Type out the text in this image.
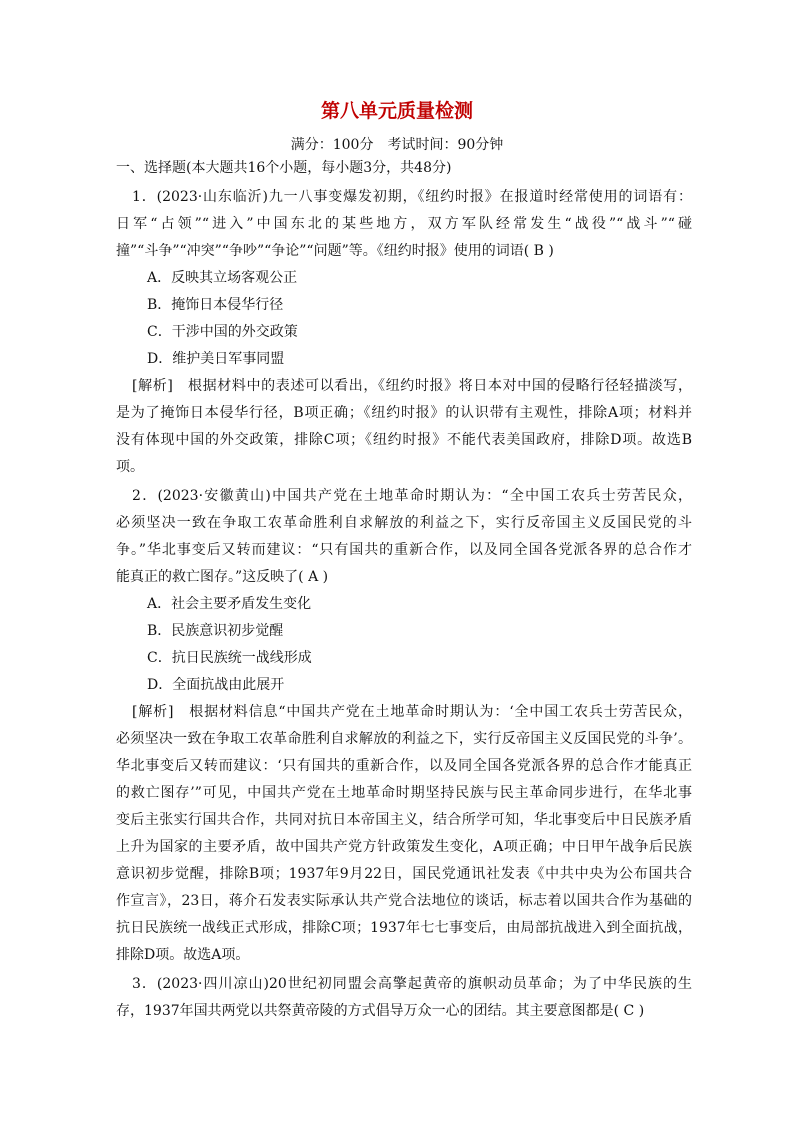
第八单元质量检测
满分：100分　考试时间：90分钟
一、选择题(本大题共16个小题，每小题3分，共48分)
1．(2023·山东临沂)九一八事变爆发初期，《纽约时报》在报道时经常使用的词语有：
日军“占领”“进入”中国东北的某些地方，双方军队经常发生“战役”“战斗”“碰
撞”“斗争”“冲突”“争吵”“争论”“问题”等。《纽约时报》使用的词语( B )
A．反映其立场客观公正
B．掩饰日本侵华行径
C．干涉中国的外交政策
D．维护美日军事同盟
[解析]　根据材料中的表述可以看出，《纽约时报》将日本对中国的侵略行径轻描淡写，
是为了掩饰日本侵华行径，B项正确；《纽约时报》的认识带有主观性，排除A项；材料并
没有体现中国的外交政策，排除C项；《纽约时报》不能代表美国政府，排除D项。故选B
项。
2．(2023·安徽黄山)中国共产党在土地革命时期认为：“全中国工农兵士劳苦民众，
必须坚决一致在争取工农革命胜利自求解放的利益之下，实行反帝国主义反国民党的斗
争。”华北事变后又转而建议：“只有国共的重新合作，以及同全国各党派各界的总合作才
能真正的救亡图存。”这反映了( A )
A．社会主要矛盾发生变化
B．民族意识初步觉醒
C．抗日民族统一战线形成
D．全面抗战由此展开
[解析]　根据材料信息“中国共产党在土地革命时期认为：‘全中国工农兵士劳苦民众，
必须坚决一致在争取工农革命胜利自求解放的利益之下，实行反帝国主义反国民党的斗争’。
华北事变后又转而建议：‘只有国共的重新合作，以及同全国各党派各界的总合作才能真正
的救亡图存’”可见，中国共产党在土地革命时期坚持民族与民主革命同步进行，在华北事
变后主张实行国共合作，共同对抗日本帝国主义，结合所学可知，华北事变后中日民族矛盾
上升为国家的主要矛盾，故中国共产党方针政策发生变化，A项正确；中日甲午战争后民族
意识初步觉醒，排除B项；1937年9月22日，国民党通讯社发表《中共中央为公布国共合
作宣言》，23日，蒋介石发表实际承认共产党合法地位的谈话，标志着以国共合作为基础的
抗日民族统一战线正式形成，排除C项；1937年七七事变后，由局部抗战进入到全面抗战，
排除D项。故选A项。
3．(2023·四川凉山)20世纪初同盟会高擎起黄帝的旗帜动员革命；为了中华民族的生
存，1937年国共两党以共祭黄帝陵的方式倡导万众一心的团结。其主要意图都是( C )
